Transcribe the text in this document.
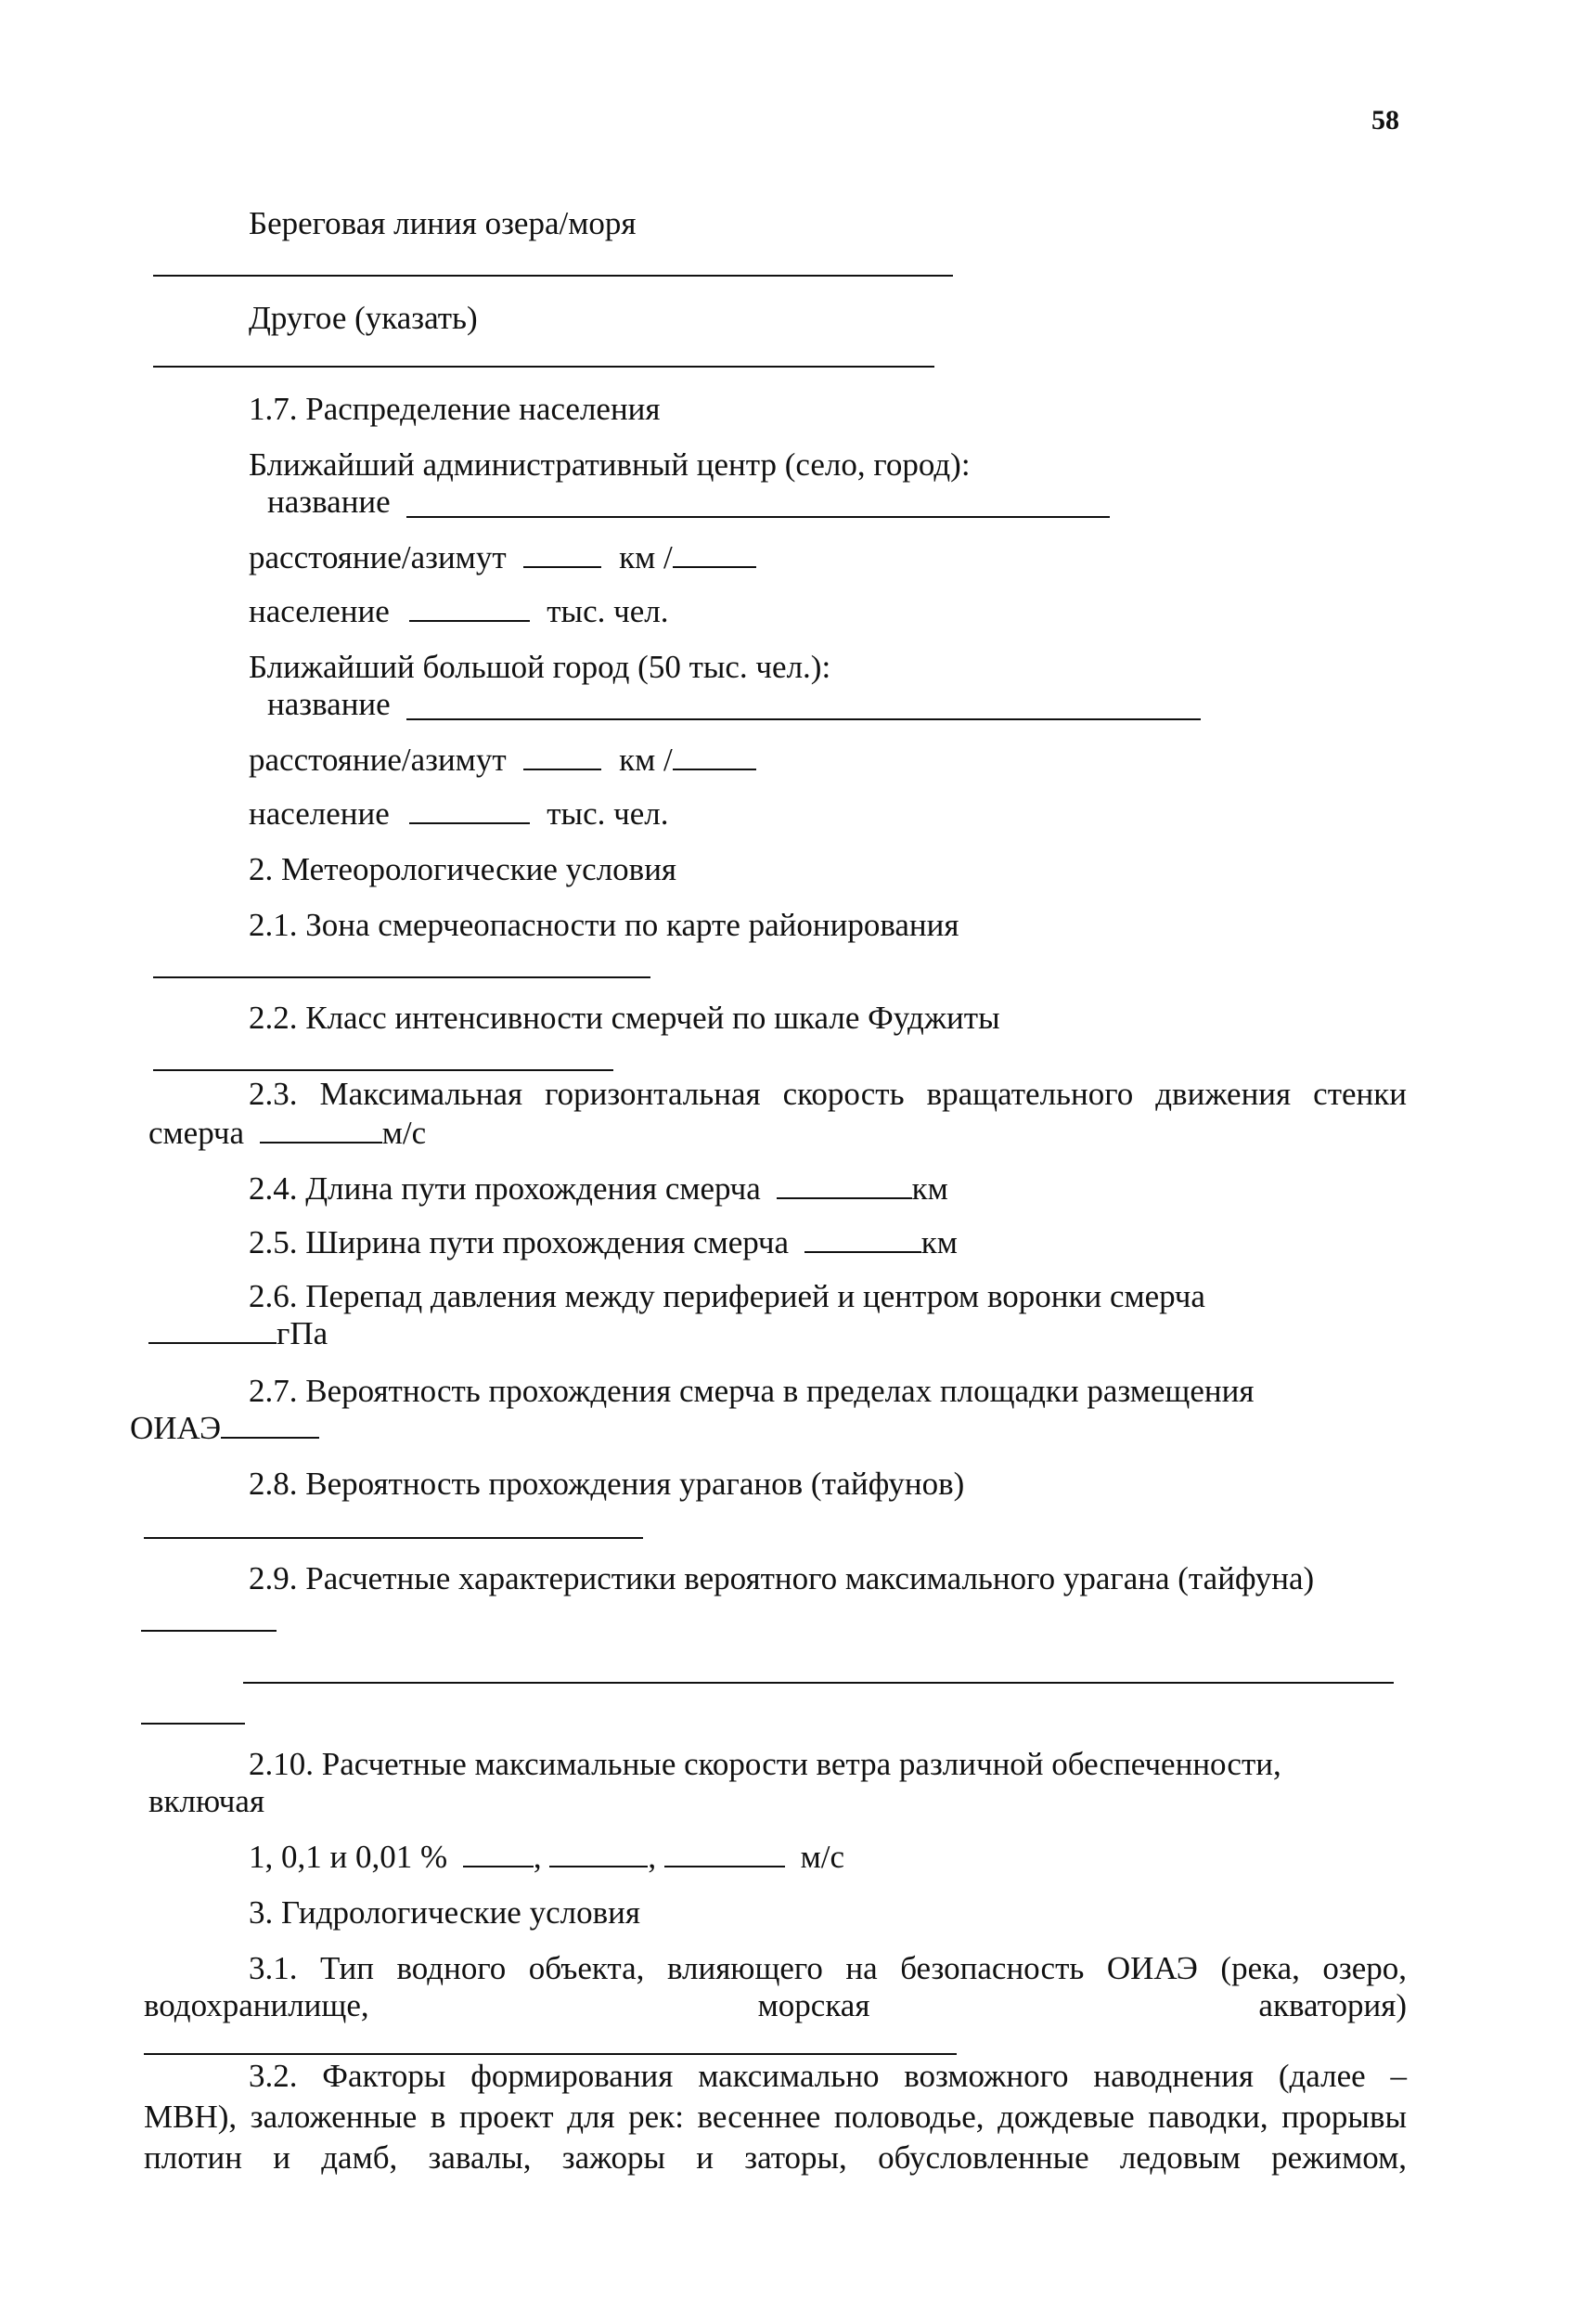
58
Береговая линия озера/моря
Другое (указать)
1.7. Распределение населения
Ближайший административный центр (село, город):
название
расстояние/азимут	км /
население	тыс. чел.
Ближайший большой город (50 тыс. чел.):
название
расстояние/азимут	км /
население	тыс. чел.
2. Метеорологические условия
2.1. Зона смерчеопасности по карте районирования
2.2. Класс интенсивности смерчей по шкале Фуджиты
2.3. Максимальная горизонтальная скорость вращательного движения стенки
смерча	м/с
2.4. Длина пути прохождения смерча	км
2.5. Ширина пути прохождения смерча	км
2.6. Перепад давления между периферией и центром воронки смерча
гПа
2.7. Вероятность прохождения смерча в пределах площадки размещения
ОИАЭ
2.8. Вероятность прохождения ураганов (тайфунов)
2.9. Расчетные характеристики вероятного максимального урагана (тайфуна)
2.10. Расчетные максимальные скорости ветра различной обеспеченности,
включая
1, 0,1 и 0,01 %	,	,	м/с
3. Гидрологические условия
3.1. Тип водного объекта, влияющего на безопасность ОИАЭ (река, озеро,
водохранилище,	морская	акватория)
3.2. Факторы формирования максимально возможного наводнения (далее –
МВН), заложенные в проект для рек: весеннее половодье, дождевые паводки, прорывы
плотин и дамб, завалы, зажоры и заторы, обусловленные ледовым режимом,
